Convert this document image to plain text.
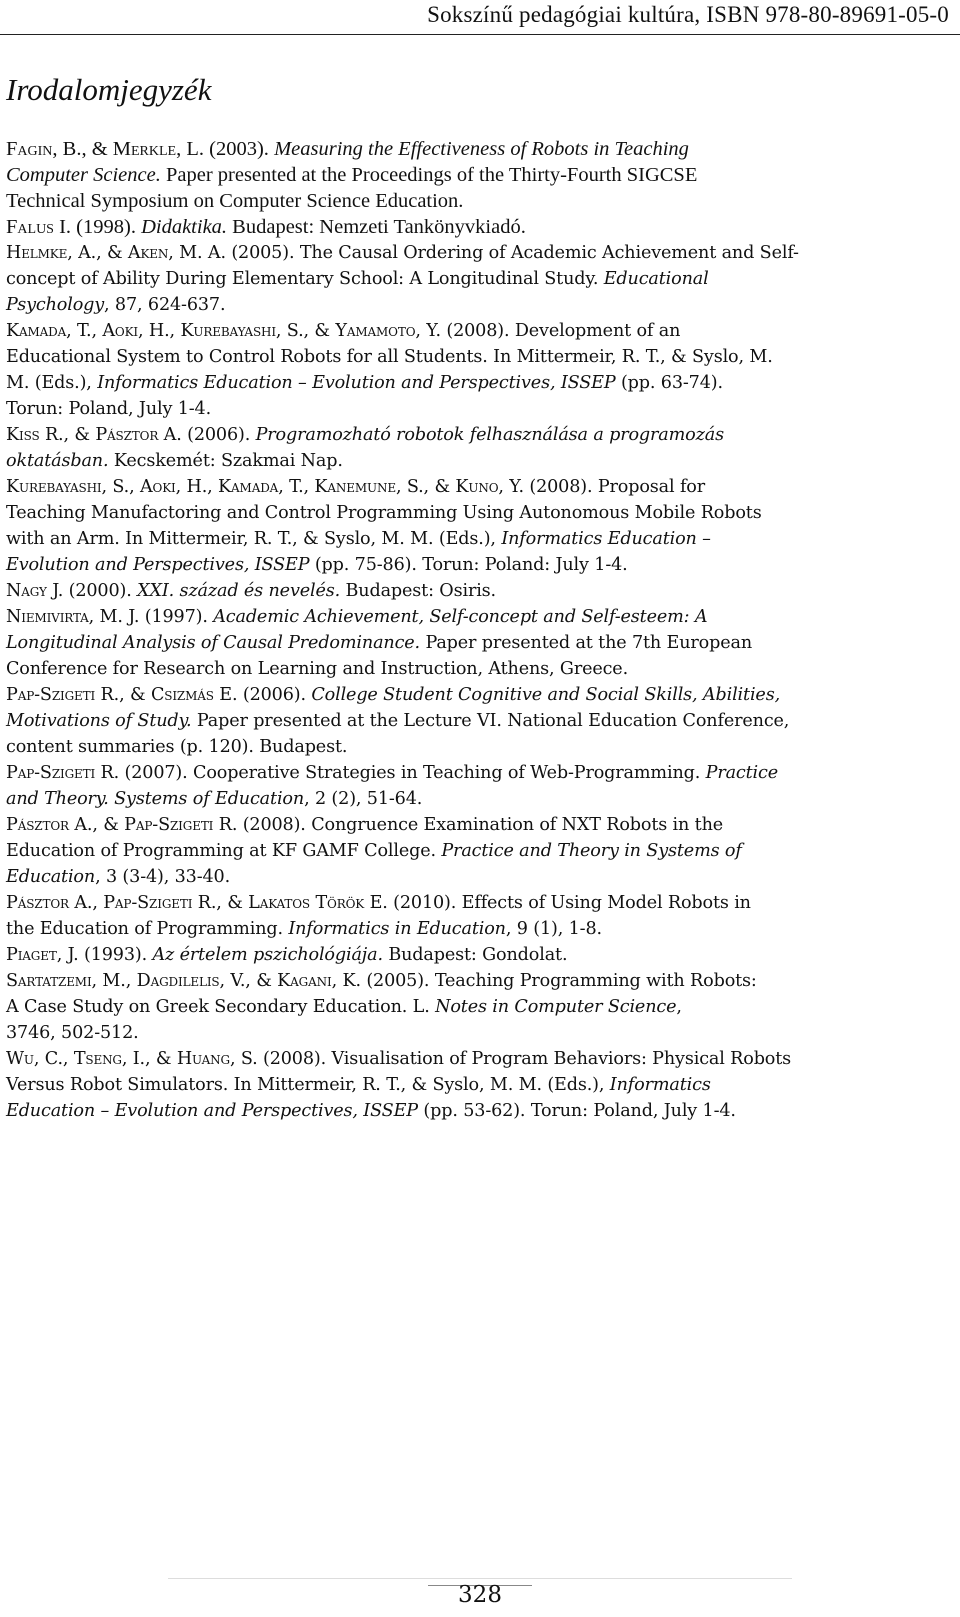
Sokszínű pedagógiai kultúra, ISBN 978-80-89691-05-0
Irodalomjegyzék
Fagin, B., & Merkle, L. (2003). Measuring the Effectiveness of Robots in Teaching
Computer Science. Paper presented at the Proceedings of the Thirty-Fourth SIGCSE
Technical Symposium on Computer Science Education.
Falus I. (1998). Didaktika. Budapest: Nemzeti Tankönyvkiadó.
Helmke, A., & Aken, M. A. (2005). The Causal Ordering of Academic Achievement and Self-
concept of Ability During Elementary School: A Longitudinal Study. Educational
Psychology, 87, 624-637.
Kamada, T., Aoki, H., Kurebayashi, S., & Yamamoto, Y. (2008). Development of an
Educational System to Control Robots for all Students. In Mittermeir, R. T., & Syslo, M.
M. (Eds.), Informatics Education – Evolution and Perspectives, ISSEP (pp. 63-74).
Torun: Poland, July 1-4.
Kiss R., & Pásztor A. (2006). Programozható robotok felhasználása a programozás
oktatásban. Kecskemét: Szakmai Nap.
Kurebayashi, S., Aoki, H., Kamada, T., Kanemune, S., & Kuno, Y. (2008). Proposal for
Teaching Manufactoring and Control Programming Using Autonomous Mobile Robots
with an Arm. In Mittermeir, R. T., & Syslo, M. M. (Eds.), Informatics Education –
Evolution and Perspectives, ISSEP (pp. 75-86). Torun: Poland: July 1-4.
Nagy J. (2000). XXI. század és nevelés. Budapest: Osiris.
Niemivirta, M. J. (1997). Academic Achievement, Self-concept and Self-esteem: A
Longitudinal Analysis of Causal Predominance. Paper presented at the 7th European
Conference for Research on Learning and Instruction, Athens, Greece.
Pap-Szigeti R., & Csizmás E. (2006). College Student Cognitive and Social Skills, Abilities,
Motivations of Study. Paper presented at the Lecture VI. National Education Conference,
content summaries (p. 120). Budapest.
Pap-Szigeti R. (2007). Cooperative Strategies in Teaching of Web-Programming. Practice
and Theory. Systems of Education, 2 (2), 51-64.
Pásztor A., & Pap-Szigeti R. (2008). Congruence Examination of NXT Robots in the
Education of Programming at KF GAMF College. Practice and Theory in Systems of
Education, 3 (3-4), 33-40.
Pásztor A., Pap-Szigeti R., & Lakatos Török E. (2010). Effects of Using Model Robots in
the Education of Programming. Informatics in Education, 9 (1), 1-8.
Piaget, J. (1993). Az értelem pszichológiája. Budapest: Gondolat.
Sartatzemi, M., Dagdilelis, V., & Kagani, K. (2005). Teaching Programming with Robots:
A Case Study on Greek Secondary Education. L. Notes in Computer Science,
3746, 502-512.
Wu, C., Tseng, I., & Huang, S. (2008). Visualisation of Program Behaviors: Physical Robots
Versus Robot Simulators. In Mittermeir, R. T., & Syslo, M. M. (Eds.), Informatics
Education – Evolution and Perspectives, ISSEP (pp. 53-62). Torun: Poland, July 1-4.
328
